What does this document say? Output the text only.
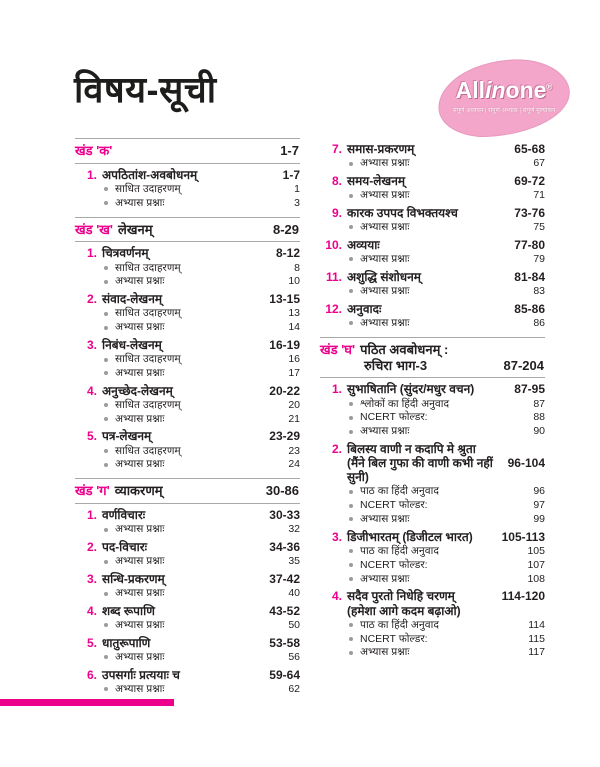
विषय-सूची	Allinone®
संपूर्ण अध्ययन | संपूर्ण अभ्यास | संपूर्ण मूल्यांकन
खंड 'क'	1-7
1. अपठितांश-अवबोधनम्	1-7
साधित उदाहरणम्	1
अभ्यास प्रश्नाः	3
खंड 'ख' लेखनम्	8-29
1. चित्रवर्णनम्	8-12
साधित उदाहरणम्	8
अभ्यास प्रश्नाः	10
2. संवाद-लेखनम्	13-15
साधित उदाहरणम्	13
अभ्यास प्रश्नाः	14
3. निबंध-लेखनम्	16-19
साधित उदाहरणम्	16
अभ्यास प्रश्नाः	17
4. अनुच्छेद-लेखनम्	20-22
साधित उदाहरणम्	20
अभ्यास प्रश्नाः	21
5. पत्र-लेखनम्	23-29
साधित उदाहरणम्	23
अभ्यास प्रश्नाः	24
खंड 'ग' व्याकरणम्	30-86
1. वर्णविचारः	30-33
अभ्यास प्रश्नाः	32
2. पद-विचारः	34-36
अभ्यास प्रश्नाः	35
3. सन्धि-प्रकरणम्	37-42
अभ्यास प्रश्नाः	40
4. शब्द रूपाणि	43-52
अभ्यास प्रश्नाः	50
5. धातुरूपाणि	53-58
अभ्यास प्रश्नाः	56
6. उपसर्गाः प्रत्ययाः च	59-64
अभ्यास प्रश्नाः	62
7. समास-प्रकरणम्	65-68
अभ्यास प्रश्नाः	67
8. समय-लेखनम्	69-72
अभ्यास प्रश्नाः	71
9. कारक उपपद विभक्तयश्च	73-76
अभ्यास प्रश्नाः	75
10. अव्ययाः	77-80
अभ्यास प्रश्नाः	79
11. अशुद्धि संशोधनम्	81-84
अभ्यास प्रश्नाः	83
12. अनुवादः	85-86
अभ्यास प्रश्नाः	86
खंड 'घ' पठित अवबोधनम् :
रुचिरा भाग-3	87-204
1. सुभाषितानि (सुंदर/मधुर वचन)	87-95
श्लोकों का हिंदी अनुवाद	87
NCERT फोल्डर:	88
अभ्यास प्रश्नाः	90
2. बिलस्य वाणी न कदापि मे श्रुता
(मैंने बिल गुफा की वाणी कभी नहीं सुनी)
96-104
पाठ का हिंदी अनुवाद	96
NCERT फोल्डर:	97
अभ्यास प्रश्नाः	99
3. डिजीभारतम् (डिजीटल भारत)	105-113
पाठ का हिंदी अनुवाद	105
NCERT फोल्डर:	107
अभ्यास प्रश्नाः	108
4. सदैव पुरतो निधेहि चरणम्	114-120
(हमेशा आगे कदम बढ़ाओ)
पाठ का हिंदी अनुवाद	114
NCERT फोल्डर:	115
अभ्यास प्रश्नाः	117
